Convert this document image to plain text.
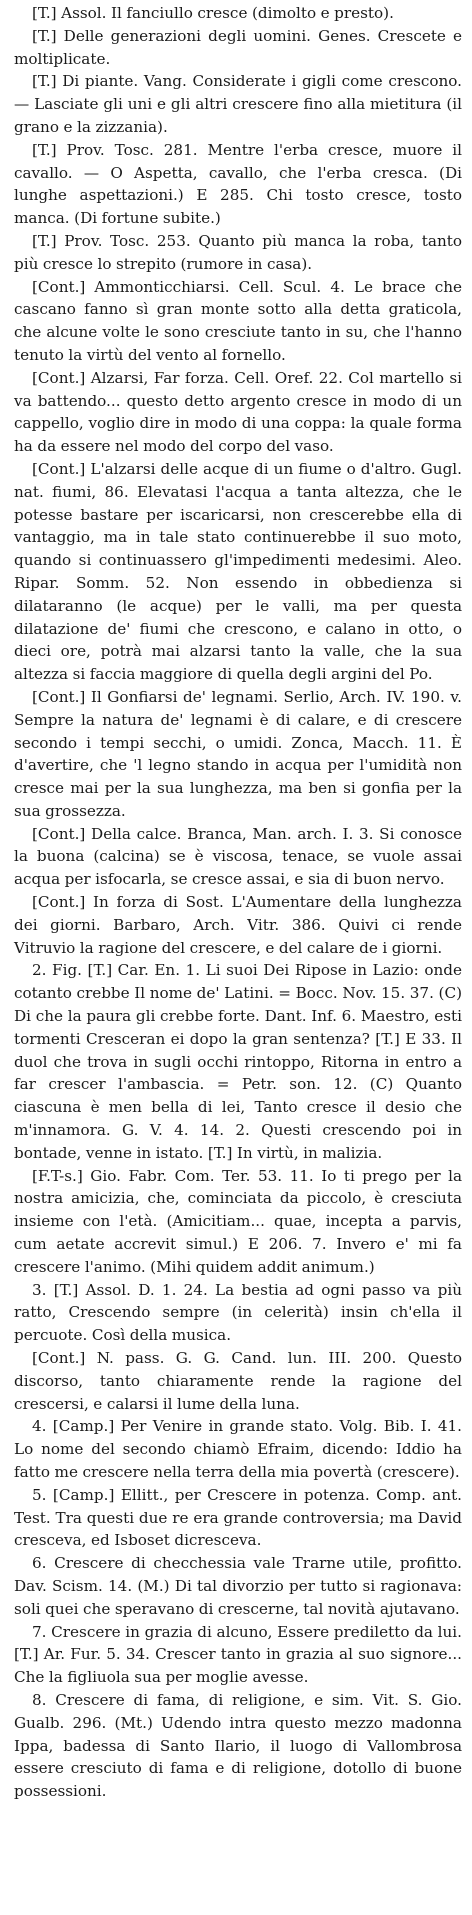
[T.] Assol. Il fanciullo cresce (dimolto e presto).

[T.] Delle generazioni degli uomini. Genes. Crescete e moltiplicate.

[T.] Di piante. Vang. Considerate i gigli come crescono. — Lasciate gli uni e gli altri crescere fino alla mietitura (il grano e la zizzania).

[T.] Prov. Tosc. 281. Mentre l'erba cresce, muore il cavallo. — O Aspetta, cavallo, che l'erba cresca. (Di lunghe aspettazioni.) E 285. Chi tosto cresce, tosto manca. (Di fortune subite.)

[T.] Prov. Tosc. 253. Quanto più manca la roba, tanto più cresce lo strepito (rumore in casa).

[Cont.] Ammonticchiarsi. Cell. Scul. 4. Le brace che cascano fanno sì gran monte sotto alla detta graticola, che alcune volte le sono cresciute tanto in su, che l'hanno tenuto la virtù del vento al fornello.

[Cont.] Alzarsi, Far forza. Cell. Oref. 22. Col martello si va battendo... questo detto argento cresce in modo di un cappello, voglio dire in modo di una coppa: la quale forma ha da essere nel modo del corpo del vaso.

[Cont.] L'alzarsi delle acque di un fiume o d'altro. Gugl. nat. fiumi, 86. Elevatasi l'acqua a tanta altezza, che le potesse bastare per iscaricarsi, non crescerebbe ella di vantaggio, ma in tale stato continuerebbe il suo moto, quando si continuassero gl'impedimenti medesimi. Aleo. Ripar. Somm. 52. Non essendo in obbedienza si dilataranno (le acque) per le valli, ma per questa dilatazione de' fiumi che crescono, e calano in otto, o dieci ore, potrà mai alzarsi tanto la valle, che la sua altezza si faccia maggiore di quella degli argini del Po.

[Cont.] Il Gonfiarsi de' legnami. Serlio, Arch. IV. 190. v. Sempre la natura de' legnami è di calare, e di crescere secondo i tempi secchi, o umidi. Zonca, Macch. 11. È d'avertire, che 'l legno stando in acqua per l'umidità non cresce mai per la sua lunghezza, ma ben si gonfia per la sua grossezza.

[Cont.] Della calce. Branca, Man. arch. I. 3. Si conosce la buona (calcina) se è viscosa, tenace, se vuole assai acqua per isfocarla, se cresce assai, e sia di buon nervo.

[Cont.] In forza di Sost. L'Aumentare della lunghezza dei giorni. Barbaro, Arch. Vitr. 386. Quivi ci rende Vitruvio la ragione del crescere, e del calare de i giorni.

2. Fig. [T.] Car. En. 1. Li suoi Dei Ripose in Lazio: onde cotanto crebbe Il nome de' Latini. = Bocc. Nov. 15. 37. (C) Di che la paura gli crebbe forte. Dant. Inf. 6. Maestro, esti tormenti Cresceran ei dopo la gran sentenza? [T.] E 33. Il duol che trova in sugli occhi rintoppo, Ritorna in entro a far crescer l'ambascia. = Petr. son. 12. (C) Quanto ciascuna è men bella di lei, Tanto cresce il desio che m'innamora. G. V. 4. 14. 2. Questi crescendo poi in bontade, venne in istato. [T.] In virtù, in malizia.

[F.T-s.] Gio. Fabr. Com. Ter. 53. 11. Io ti prego per la nostra amicizia, che, cominciata da piccolo, è cresciuta insieme con l'età. (Amicitiam... quae, incepta a parvis, cum aetate accrevit simul.) E 206. 7. Invero e' mi fa crescere l'animo. (Mihi quidem addit animum.)

3. [T.] Assol. D. 1. 24. La bestia ad ogni passo va più ratto, Crescendo sempre (in celerità) insin ch'ella il percuote. Così della musica.

[Cont.] N. pass. G. G. Cand. lun. III. 200. Questo discorso, tanto chiaramente rende la ragione del crescersi, e calarsi il lume della luna.

4. [Camp.] Per Venire in grande stato. Volg. Bib. I. 41. Lo nome del secondo chiamò Efraim, dicendo: Iddio ha fatto me crescere nella terra della mia povertà (crescere).

5. [Camp.] Ellitt., per Crescere in potenza. Comp. ant. Test. Tra questi due re era grande controversia; ma David cresceva, ed Isboset dicresceva.

6. Crescere di checchessia vale Trarne utile, profitto. Dav. Scism. 14. (M.) Di tal divorzio per tutto si ragionava: soli quei che speravano di crescerne, tal novità ajutavano.

7. Crescere in grazia di alcuno, Essere prediletto da lui. [T.] Ar. Fur. 5. 34. Crescer tanto in grazia al suo signore... Che la figliuola sua per moglie avesse.

8. Crescere di fama, di religione, e sim. Vit. S. Gio. Gualb. 296. (Mt.) Udendo intra questo mezzo madonna Ippa, badessa di Santo Ilario, il luogo di Vallombrosa essere cresciuto di fama e di religione, dotollo di buone possessioni.
